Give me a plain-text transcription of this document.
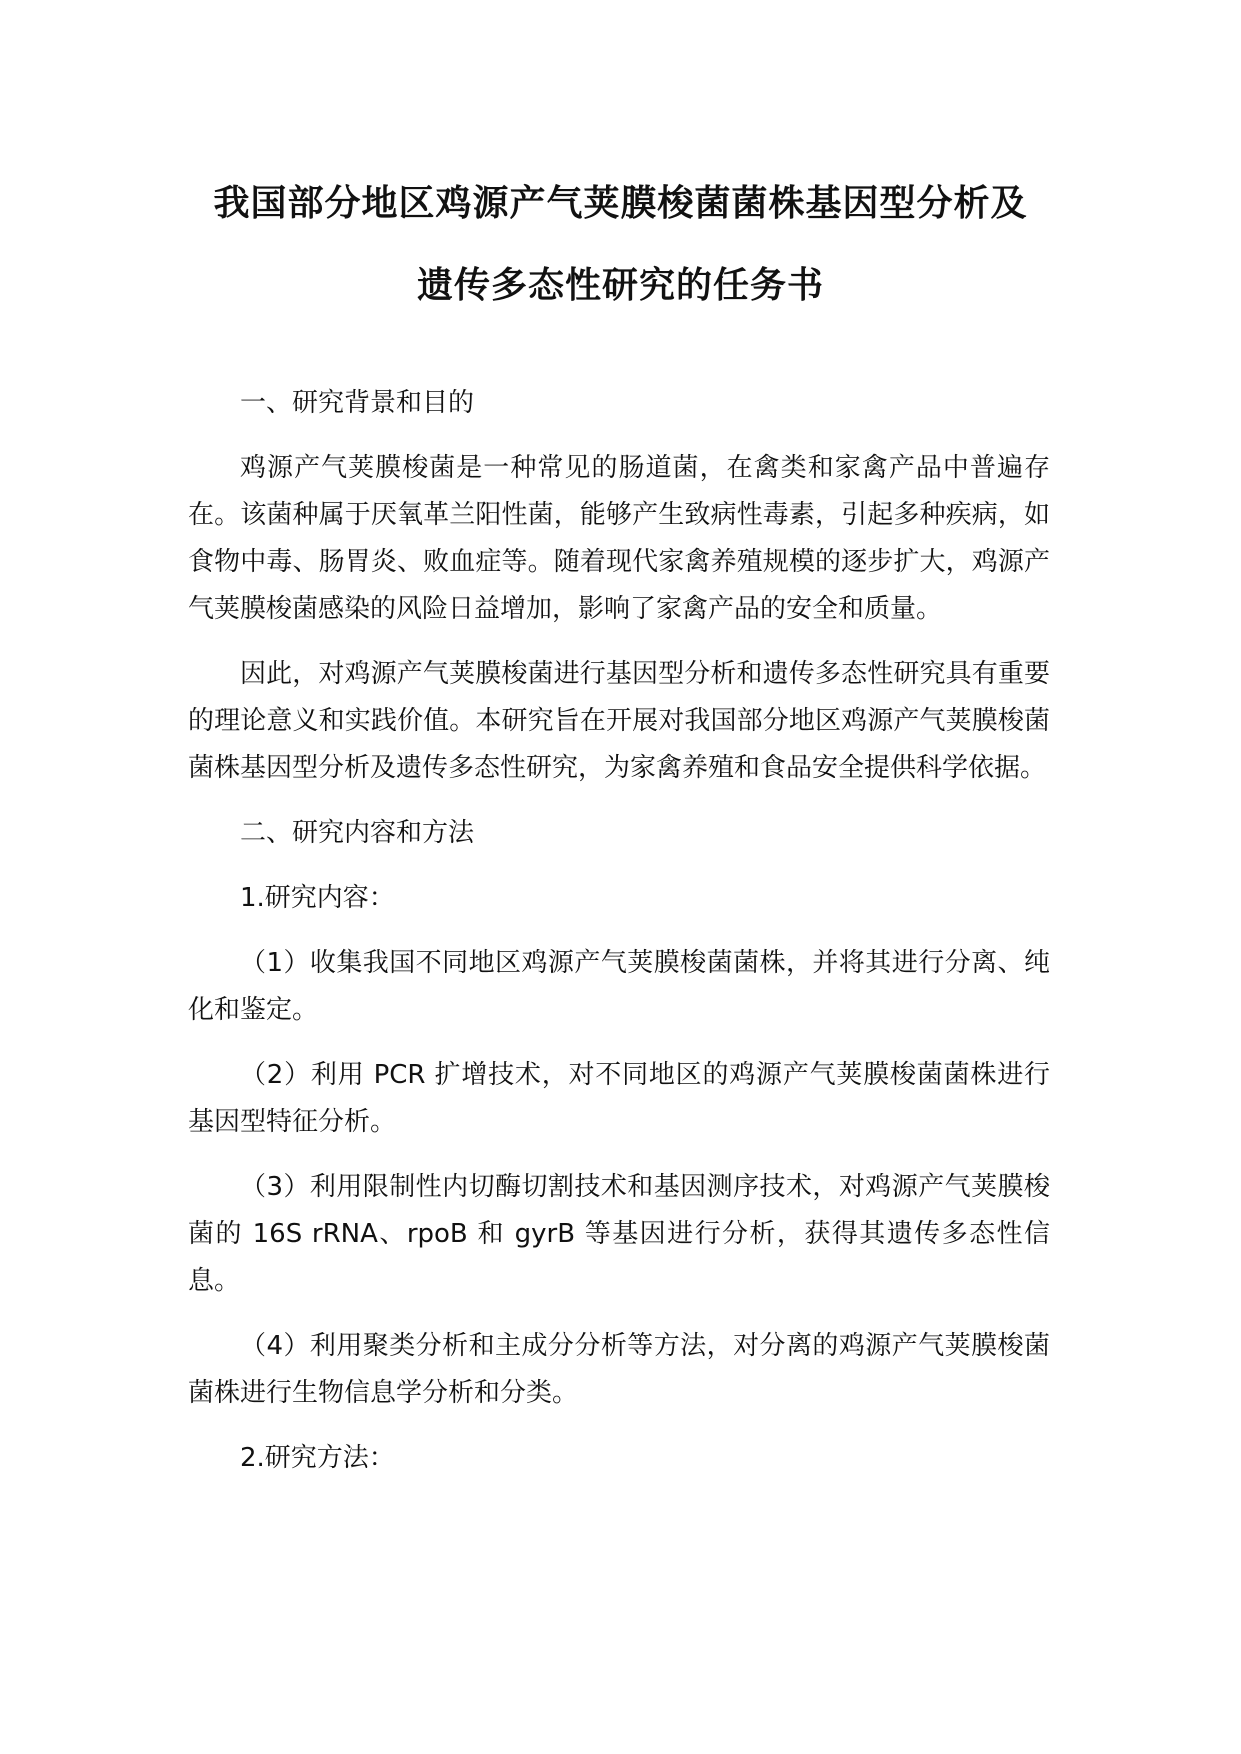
我国部分地区鸡源产气荚膜梭菌菌株基因型分析及
遗传多态性研究的任务书

一、研究背景和目的

鸡源产气荚膜梭菌是一种常见的肠道菌，在禽类和家禽产品中普遍存在。该菌种属于厌氧革兰阳性菌，能够产生致病性毒素，引起多种疾病，如食物中毒、肠胃炎、败血症等。随着现代家禽养殖规模的逐步扩大，鸡源产气荚膜梭菌感染的风险日益增加，影响了家禽产品的安全和质量。

因此，对鸡源产气荚膜梭菌进行基因型分析和遗传多态性研究具有重要的理论意义和实践价值。本研究旨在开展对我国部分地区鸡源产气荚膜梭菌菌株基因型分析及遗传多态性研究，为家禽养殖和食品安全提供科学依据。

二、研究内容和方法

1.研究内容：

（1）收集我国不同地区鸡源产气荚膜梭菌菌株，并将其进行分离、纯化和鉴定。

（2）利用 PCR 扩增技术，对不同地区的鸡源产气荚膜梭菌菌株进行基因型特征分析。

（3）利用限制性内切酶切割技术和基因测序技术，对鸡源产气荚膜梭菌的 16S rRNA、rpoB 和 gyrB 等基因进行分析，获得其遗传多态性信息。

（4）利用聚类分析和主成分分析等方法，对分离的鸡源产气荚膜梭菌菌株进行生物信息学分析和分类。

2.研究方法：
